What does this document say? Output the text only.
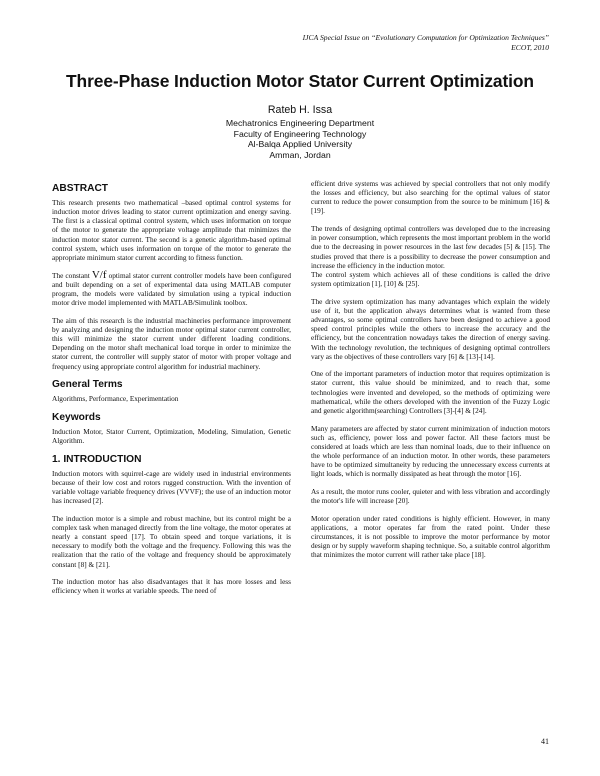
IJCA Special Issue on “Evolutionary Computation for Optimization Techniques”
ECOT, 2010
Three-Phase Induction Motor Stator Current Optimization
Rateb H. Issa
Mechatronics Engineering Department
Faculty of Engineering Technology
Al-Balqa Applied University
Amman, Jordan
ABSTRACT

This research presents two mathematical –based optimal control systems for induction motor drives leading to stator current optimization and energy saving. The first is a classical optimal control system, which uses information on torque of the motor to generate the appropriate voltage amplitude that minimizes the induction motor stator current. The second is a genetic algorithm-based optimal control system, which uses information on torque of the motor to generate the appropriate minimum stator current according to fitness function.

The constant V/f optimal stator current controller models have been configured and built depending on a set of experimental data using MATLAB computer program, the models were validated by simulation using a typical induction motor drive model implemented with MATLAB/Simulink toolbox.

The aim of this research is the industrial machineries performance improvement by analyzing and designing the induction motor optimal stator current controller, this will minimize the stator current under different loading conditions. Depending on the motor shaft mechanical load torque in order to minimize the stator current, the controller will supply stator of motor with proper voltage and frequency using appropriate control algorithm for industrial machinery.

General Terms

Algorithms, Performance, Experimentation

Keywords

Induction Motor, Stator Current, Optimization, Modeling, Simulation, Genetic Algorithm.

1. INTRODUCTION

Induction motors with squirrel-cage are widely used in industrial environments because of their low cost and rotors rugged construction. With the invention of variable voltage variable frequency drives (VVVF); the use of an induction motor has increased [2].

The induction motor is a simple and robust machine, but its control might be a complex task when managed directly from the line voltage, the motor operates at nearly a constant speed [17]. To obtain speed and torque variations, it is necessary to modify both the voltage and the frequency. Following this was the realization that the ratio of the voltage and frequency should be approximately constant [8] & [21].

The induction motor has also disadvantages that it has more losses and less efficiency when it works at variable speeds. The need of

efficient drive systems was achieved by special controllers that not only modify the losses and efficiency, but also searching for the optimal values of stator current to reduce the power consumption from the source to be minimum [16] & [19].

The trends of designing optimal controllers was developed due to the increasing in power consumption, which represents the most important problem in the world due to the decreasing in power resources in the last few decades [5] & [15]. The studies proved that there is a possibility to decrease the power consumption and increase the efficiency in the induction motor.

The control system which achieves all of these conditions is called the drive system optimization [1], [10] & [25].

The drive system optimization has many advantages which explain the widely use of it, but the application always determines what is wanted from these advantages, so some optimal controllers have been designed to achieve a good speed control principles while the others to increase the accuracy and the efficiency, but the concentration nowadays takes the direction of energy saving. With the technology revolution, the techniques of designing optimal controllers vary as the objectives of these controllers vary [6] & [13]-[14].

One of the important parameters of induction motor that requires optimization is stator current, this value should be minimized, and to reach that, some technologies were invented and developed, so the methods of optimizing were mathematical, while the others developed with the invention of the Fuzzy Logic and genetic algorithm(searching) Controllers [3]-[4] & [24].

Many parameters are affected by stator current minimization of induction motors such as, efficiency, power loss and power factor. All these factors must be considered at loads which are less than nominal loads, due to their influence on the whole performance of an induction motor. In other words, these parameters have to be optimized simultaneity by reducing the unnecessary excess currents at light loads, which is normally dissipated as heat through the motor [16].

As a result, the motor runs cooler, quieter and with less vibration and accordingly the motor's life will increase [20].

Motor operation under rated conditions is highly efficient. However, in many applications, a motor operates far from the rated point. Under these circumstances, it is not possible to improve the motor performance by motor design or by supply waveform shaping technique. So, a suitable control algorithm that minimizes the motor current will rather take place [18].

41
